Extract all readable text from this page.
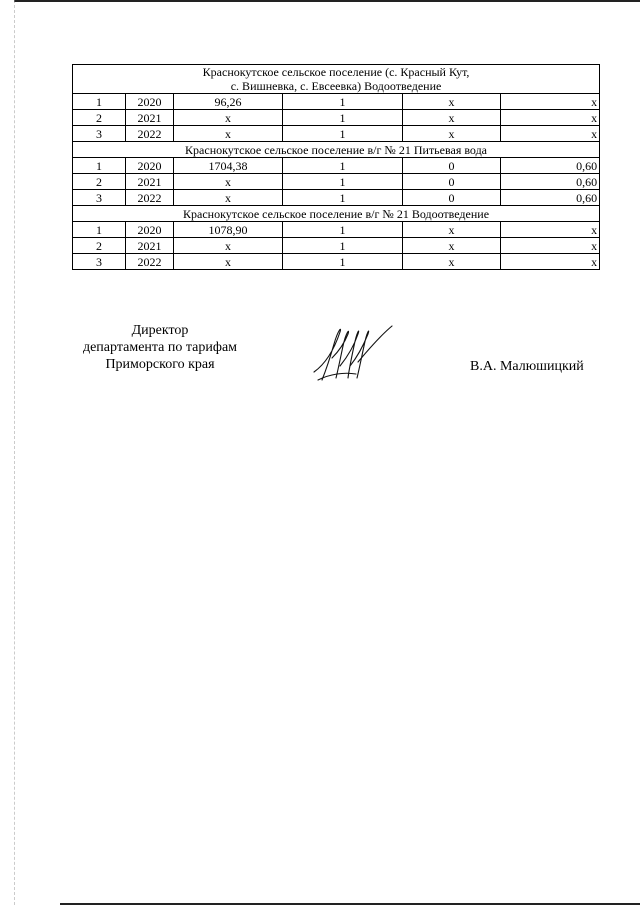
Краснокутское сельское поселение (с. Красный Кут,
с. Вишневка, с. Евсеевка) Водоотведение					
1	2020	96,26	1	x	x
2	2021	x	1	x	x
3	2022	x	1	x	x
Краснокутское сельское поселение в/г № 21 Питьевая вода					
1	2020	1704,38	1	0	0,60
2	2021	x	1	0	0,60
3	2022	x	1	0	0,60
Краснокутское сельское поселение в/г № 21 Водоотведение					
1	2020	1078,90	1	x	x
2	2021	x	1	x	x
3	2022	x	1	x	x
Директор
департамента по тарифам
Приморского края	В.А. Малюшицкий
